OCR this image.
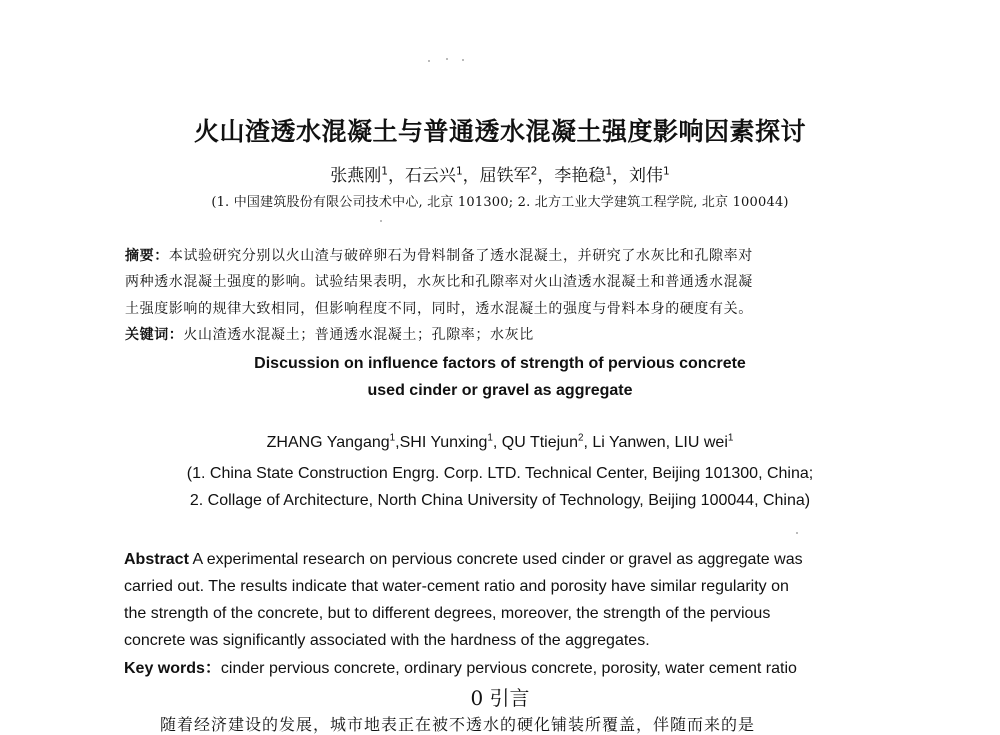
火山渣透水混凝土与普通透水混凝土强度影响因素探讨
张燕刚$^1$，石云兴$^1$，屈铁军$^2$，李艳稳$^1$，刘伟$^1$
(1. 中国建筑股份有限公司技术中心, 北京 101300; 2. 北方工业大学建筑工程学院, 北京 100044)
摘要：本试验研究分别以火山渣与破碎卵石为骨料制备了透水混凝土，并研究了水灰比和孔隙率对
两种透水混凝土强度的影响。试验结果表明，水灰比和孔隙率对火山渣透水混凝土和普通透水混凝
土强度影响的规律大致相同，但影响程度不同，同时，透水混凝土的强度与骨料本身的硬度有关。
关键词：火山渣透水混凝土；普通透水混凝土；孔隙率；水灰比
Discussion on influence factors of strength of pervious concrete
used cinder or gravel as aggregate
ZHANG Yangang$^1$,SHI Yunxing$^1$, QU Ttiejun$^2$, Li Yanwen, LIU wei$^1$
(1. China State Construction Engrg. Corp. LTD. Technical Center, Beijing 101300, China;
2. Collage of Architecture, North China University of Technology, Beijing 100044, China)
Abstract A experimental research on pervious concrete used cinder or gravel as aggregate was
carried out. The results indicate that water-cement ratio and porosity have similar regularity on
the strength of the concrete, but to different degrees, moreover, the strength of the pervious
concrete was significantly associated with the hardness of the aggregates.
Key words：cinder pervious concrete, ordinary pervious concrete, porosity, water cement ratio
0 引言
随着经济建设的发展，城市地表正在被不透水的硬化铺装所覆盖，伴随而来的是
